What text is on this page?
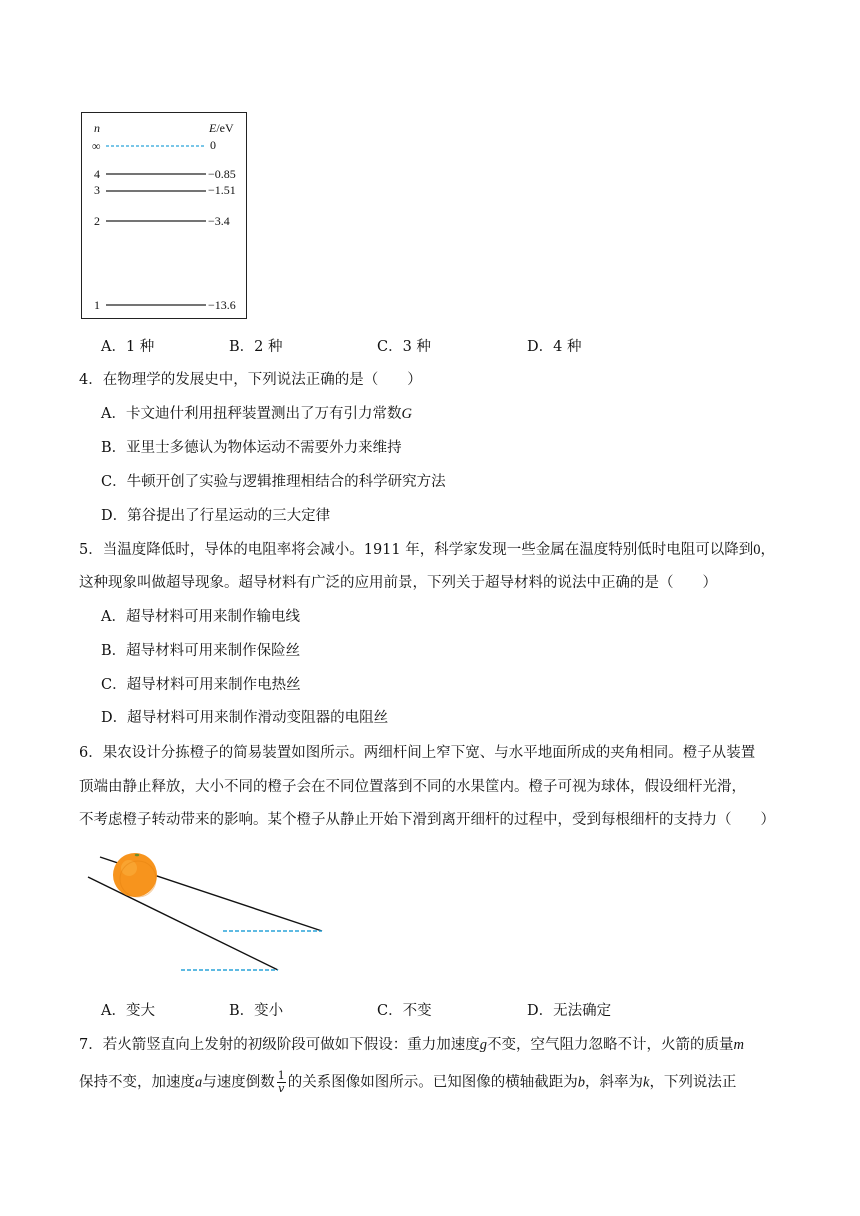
n	E/eV
∞	0
4	−0.85
3	−1.51
2	−3.4
1	−13.6
A．1 种	B．2 种	C．3 种	D．4 种
4．在物理学的发展史中，下列说法正确的是（　　）
A．卡文迪什利用扭秤装置测出了万有引力常数G
B．亚里士多德认为物体运动不需要外力来维持
C．牛顿开创了实验与逻辑推理相结合的科学研究方法
D．第谷提出了行星运动的三大定律
5．当温度降低时，导体的电阻率将会减小。1911 年，科学家发现一些金属在温度特别低时电阻可以降到0，
这种现象叫做超导现象。超导材料有广泛的应用前景，下列关于超导材料的说法中正确的是（　　）
A．超导材料可用来制作输电线
B．超导材料可用来制作保险丝
C．超导材料可用来制作电热丝
D．超导材料可用来制作滑动变阻器的电阻丝
6．果农设计分拣橙子的简易装置如图所示。两细杆间上窄下宽、与水平地面所成的夹角相同。橙子从装置
顶端由静止释放，大小不同的橙子会在不同位置落到不同的水果筐内。橙子可视为球体，假设细杆光滑，
不考虑橙子转动带来的影响。某个橙子从静止开始下滑到离开细杆的过程中，受到每根细杆的支持力（　　）
A．变大	B．变小	C．不变	D．无法确定
7．若火箭竖直向上发射的初级阶段可做如下假设：重力加速度g不变，空气阻力忽略不计，火箭的质量m
保持不变，加速度a与速度倒数 $\frac{1}{v}$ 的关系图像如图所示。已知图像的横轴截距为b，斜率为k，下列说法正
